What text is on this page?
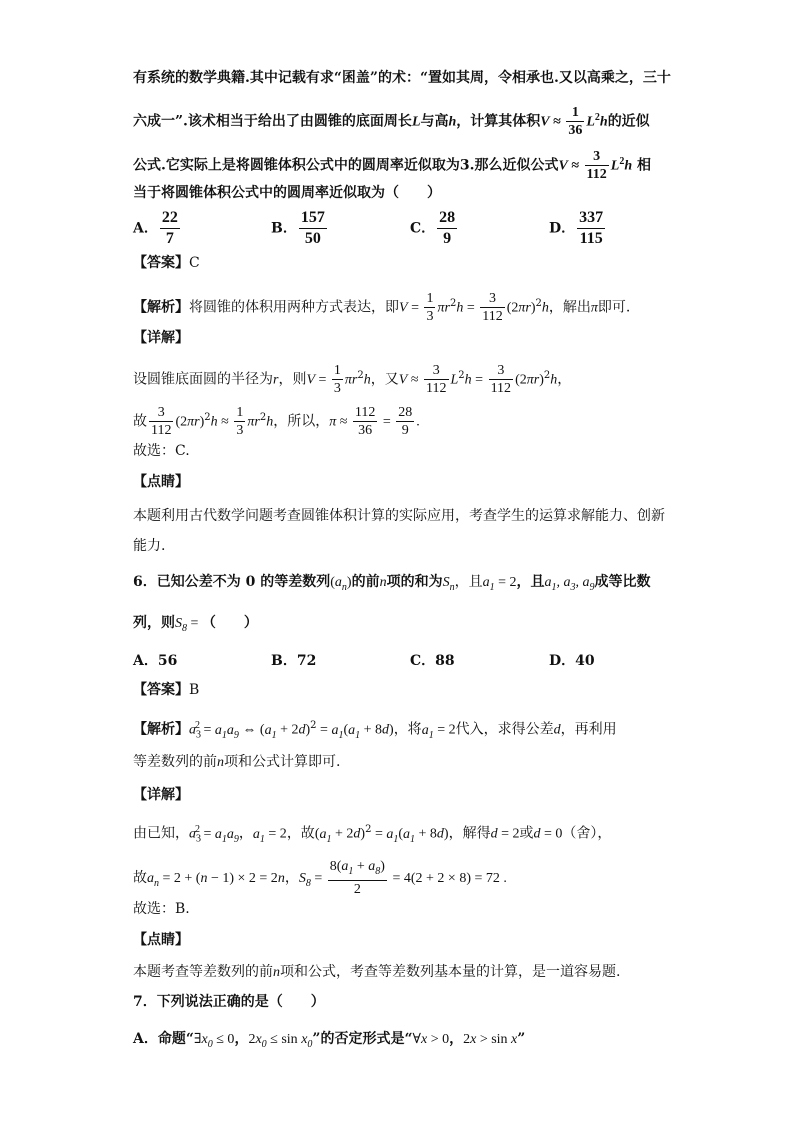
有系统的数学典籍.其中记载有求“囷盖”的术：“置如其周，令相承也.又以高乘之，三十
六成一”.该术相当于给出了由圆锥的底面周长L与高h，计算其体积$V \approx \frac{1}{36} L^2h$的近似
公式.它实际上是将圆锥体积公式中的圆周率近似取为3.那么近似公式$V \approx \frac{3}{112} L^2h$ 相
当于将圆锥体积公式中的圆周率近似取为（　　）
A． $\frac{22}{7}$	B． $\frac{157}{50}$	C． $\frac{28}{9}$	D． $\frac{337}{115}$
【答案】C
【解析】将圆锥的体积用两种方式表达，即$V = \frac{1}{3} \pi r^2h = \frac{3}{112} (2\pi r)^2h$，解出π即可.
【详解】
设圆锥底面圆的半径为r，则$V = \frac{1}{3} \pi r^2h$，又$V \approx \frac{3}{112} L^2h = \frac{3}{112} (2\pi r)^2h$，
故 $\frac{3}{112} (2\pi r)^2h \approx \frac{1}{3} \pi r^2h$，所以，$\pi \approx \frac{112}{36} = \frac{28}{9}$ .
故选：C.
【点睛】
本题利用古代数学问题考查圆锥体积计算的实际应用，考查学生的运算求解能力、创新
能力.
6．已知公差不为 0 的等差数列$(a_n)$的前n项的和为$S_n$，且$a_1 = 2$，且$a_1$, $a_3$, $a_9$成等比数
列，则$S_8$ = （　　）
A．56	B．72	C．88	D．40
【答案】B
【解析】$a_3^2 = a_1a_9$ ⇔ $(a_1 + 2d)^2 = a_1(a_1 + 8d)$，将$a_1 = 2$代入，求得公差d，再利用
等差数列的前n项和公式计算即可.
【详解】
由已知，$a_3^2 = a_1a_9$，$a_1 = 2$，故$(a_1 + 2d)^2 = a_1(a_1 + 8d)$，解得d = 2或d = 0（舍），
故$a_n = 2 + (n - 1) \times 2 = 2n$，$S_8 = \frac{8(a_1 + a_8)}{2} = 4(2 + 2 \times 8) = 72$ .
故选：B.
【点睛】
本题考查等差数列的前n项和公式，考查等差数列基本量的计算，是一道容易题.
7．下列说法正确的是（　　）
A．命题“$\exists x_0 \le 0$，$2x_0 \le \sin x_0$”的否定形式是“∀x > 0，2x > sin x”
